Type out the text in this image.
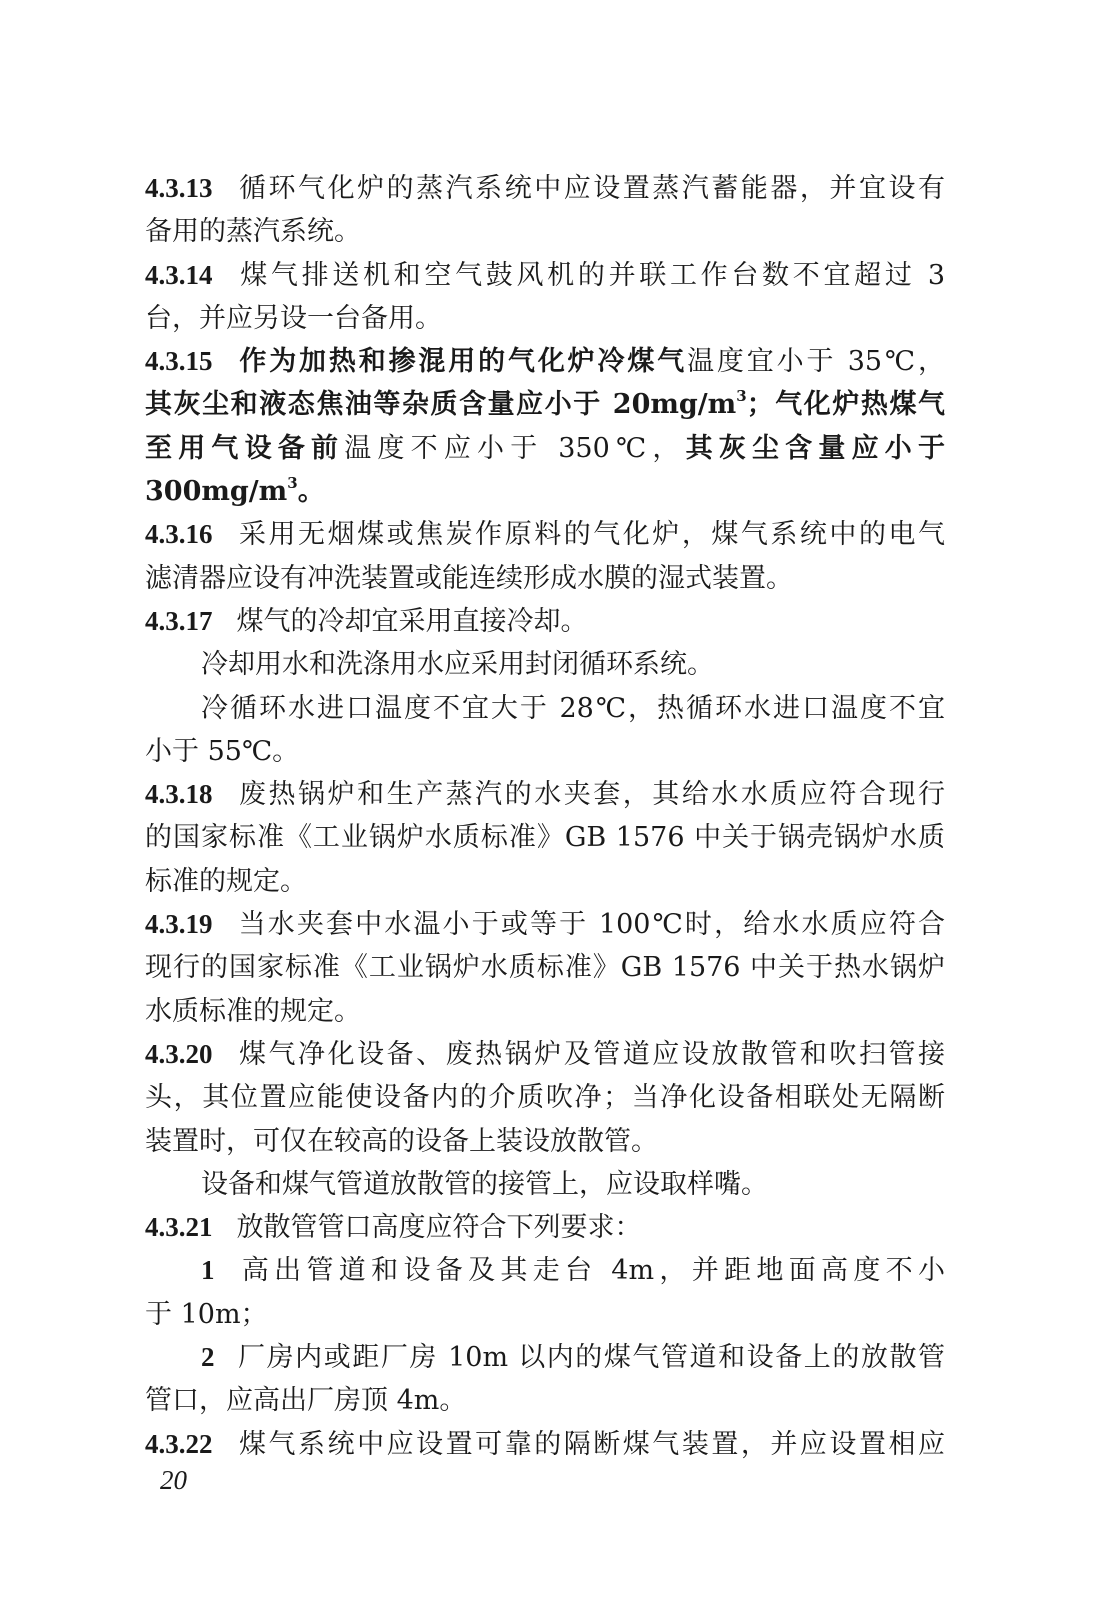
4.3.13 循环气化炉的蒸汽系统中应设置蒸汽蓄能器，并宜设有
备用的蒸汽系统。
4.3.14 煤气排送机和空气鼓风机的并联工作台数不宜超过 3
台，并应另设一台备用。
4.3.15 作为加热和掺混用的气化炉冷煤气温度宜小于 35℃，
其灰尘和液态焦油等杂质含量应小于 $20mg/m^3$；气化炉热煤气
至用气设备前温度不应小于 350℃，其灰尘含量应小于
$300mg/m^3$。
4.3.16 采用无烟煤或焦炭作原料的气化炉，煤气系统中的电气
滤清器应设有冲洗装置或能连续形成水膜的湿式装置。
4.3.17 煤气的冷却宜采用直接冷却。
冷却用水和洗涤用水应采用封闭循环系统。
冷循环水进口温度不宜大于 28℃，热循环水进口温度不宜
小于 55℃。
4.3.18 废热锅炉和生产蒸汽的水夹套，其给水水质应符合现行
的国家标准《工业锅炉水质标准》GB 1576 中关于锅壳锅炉水质
标准的规定。
4.3.19 当水夹套中水温小于或等于 100℃时，给水水质应符合
现行的国家标准《工业锅炉水质标准》GB 1576 中关于热水锅炉
水质标准的规定。
4.3.20 煤气净化设备、废热锅炉及管道应设放散管和吹扫管接
头，其位置应能使设备内的介质吹净；当净化设备相联处无隔断
装置时，可仅在较高的设备上装设放散管。
设备和煤气管道放散管的接管上，应设取样嘴。
4.3.21 放散管管口高度应符合下列要求：
1 高出管道和设备及其走台 4m，并距地面高度不小
于 10m；
2 厂房内或距厂房 10m 以内的煤气管道和设备上的放散管
管口，应高出厂房顶 4m。
4.3.22 煤气系统中应设置可靠的隔断煤气装置，并应设置相应
20
